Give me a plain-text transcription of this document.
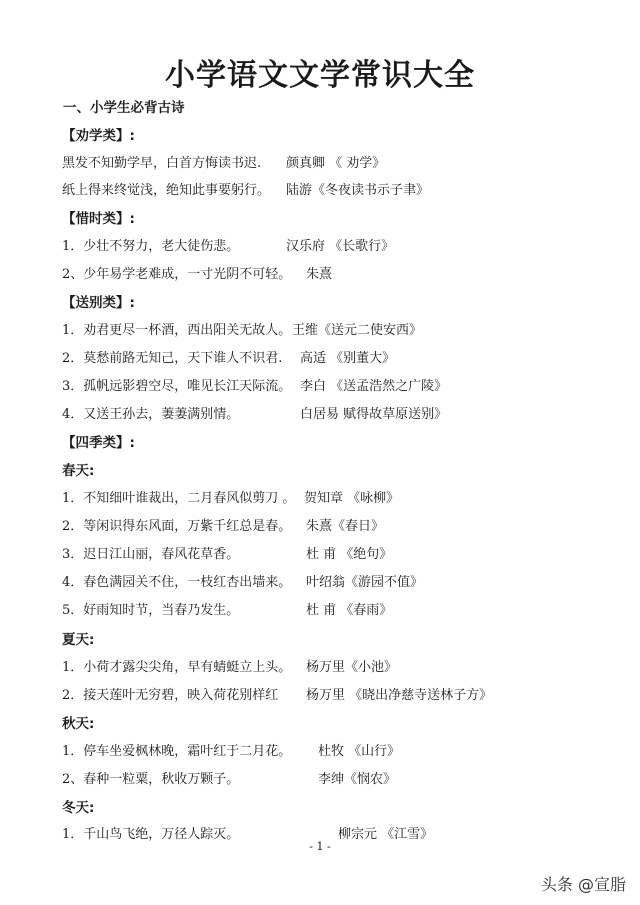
小学语文文学常识大全
一、小学生必背古诗
【劝学类】:
黑发不知勤学早，白首方悔读书迟. 颜真卿 《 劝学》
纸上得来终觉浅，绝知此事要躬行。 陆游《冬夜读书示子聿》
【惜时类】:
1．少壮不努力，老大徒伤悲。	汉乐府 《长歌行》
2、少年易学老难成，一寸光阴不可轻。 朱熹
【送别类】:
1．劝君更尽一杯酒，西出阳关无故人。 王维《送元二使安西》
2．莫愁前路无知己，天下谁人不识君. 高适 《别董大》
3．孤帆远影碧空尽，唯见长江天际流。 李白 《送孟浩然之广陵》
4．又送王孙去，萋萋满别情。	白居易 赋得故草原送别》
【四季类】:
春天:
1．不知细叶谁裁出，二月春风似剪刀 。 贺知章 《咏柳》
2．等闲识得东风面，万紫千红总是春。 朱熹《春日》
3．迟日江山丽，春风花草香。	杜 甫 《绝句》
4．春色满园关不住，一枝红杏出墙来。 叶绍翁《游园不值》
5．好雨知时节，当春乃发生。	杜 甫 《春雨》
夏天:
1．小荷才露尖尖角，早有蜻蜓立上头。 杨万里《小池》
2．接天莲叶无穷碧，映入荷花别样红 杨万里 《晓出净慈寺送林子方》
秋天:
1．停车坐爱枫林晚，霜叶红于二月花。 杜牧 《山行》
2、春种一粒粟，秋收万颗子。	李绅《悯农》
冬天:
1．千山鸟飞绝，万径人踪灭。	柳宗元 《江雪》
- 1 -
头条 @宣脂
